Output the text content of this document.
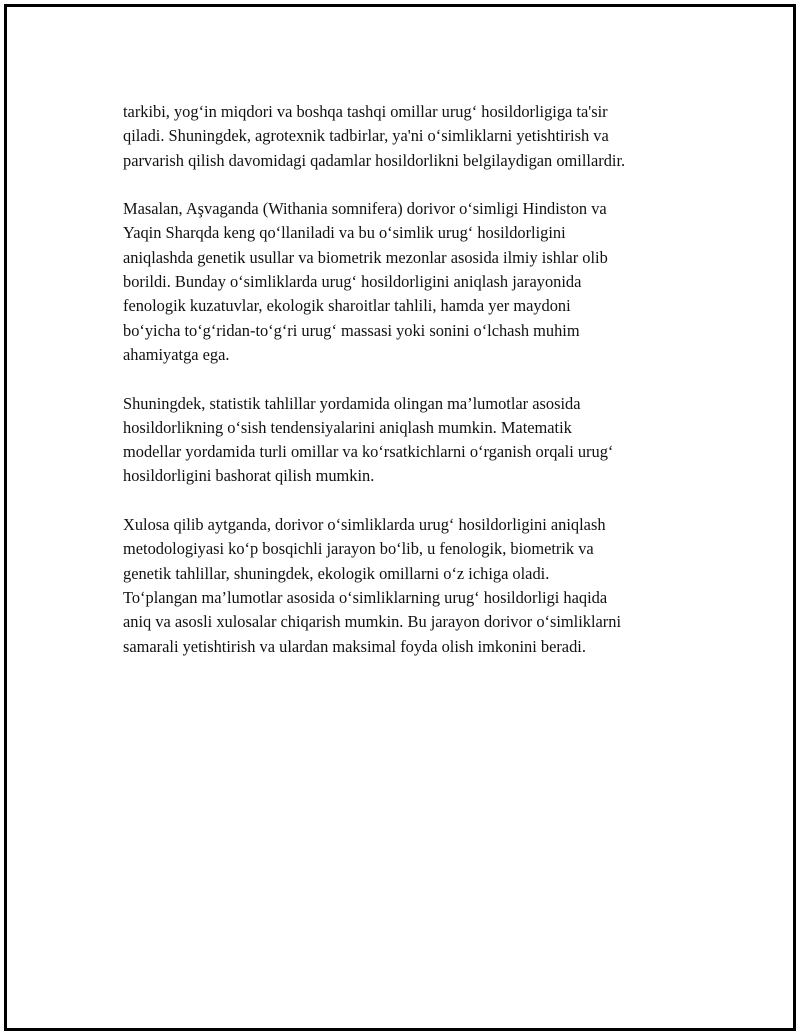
tarkibi, yog‘in miqdori va boshqa tashqi omillar urug‘ hosildorligiga ta'sir
qiladi. Shuningdek, agrotexnik tadbirlar, ya'ni o‘simliklarni yetishtirish va
parvarish qilish davomidagi qadamlar hosildorlikni belgilaydigan omillardir.

Masalan, Aşvaganda (Withania somnifera) dorivor o‘simligi Hindiston va
Yaqin Sharqda keng qo‘llaniladi va bu o‘simlik urug‘ hosildorligini
aniqlashda genetik usullar va biometrik mezonlar asosida ilmiy ishlar olib
borildi. Bunday o‘simliklarda urug‘ hosildorligini aniqlash jarayonida
fenologik kuzatuvlar, ekologik sharoitlar tahlili, hamda yer maydoni
bo‘yicha to‘g‘ridan-to‘g‘ri urug‘ massasi yoki sonini o‘lchash muhim
ahamiyatga ega.

Shuningdek, statistik tahlillar yordamida olingan ma’lumotlar asosida
hosildorlikning o‘sish tendensiyalarini aniqlash mumkin. Matematik
modellar yordamida turli omillar va ko‘rsatkichlarni o‘rganish orqali urug‘
hosildorligini bashorat qilish mumkin.

Xulosa qilib aytganda, dorivor o‘simliklarda urug‘ hosildorligini aniqlash
metodologiyasi ko‘p bosqichli jarayon bo‘lib, u fenologik, biometrik va
genetik tahlillar, shuningdek, ekologik omillarni o‘z ichiga oladi.
To‘plangan ma’lumotlar asosida o‘simliklarning urug‘ hosildorligi haqida
aniq va asosli xulosalar chiqarish mumkin. Bu jarayon dorivor o‘simliklarni
samarali yetishtirish va ulardan maksimal foyda olish imkonini beradi.
